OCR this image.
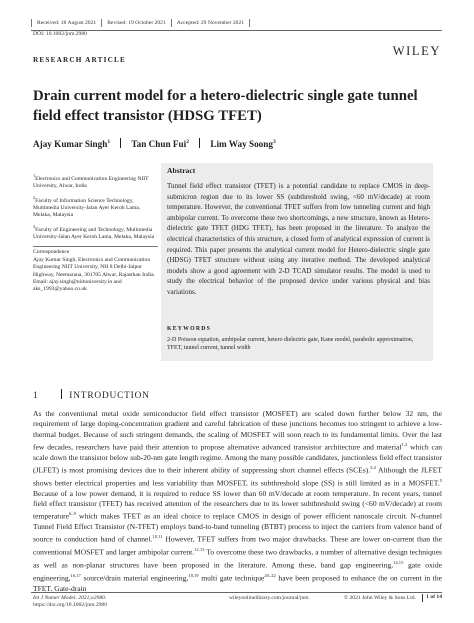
Received: 18 August 2021	Revised: 19 October 2021	Accepted: 29 November 2021
DOI: 10.1002/jnm.2980
RESEARCH ARTICLE
WILEY
Drain current model for a hetero-dielectric single gate tunnel field effect transistor (HDSG TFET)
Ajay Kumar Singh$^1$ Tan Chun Fui$^2$ Lim Way Soong$^3$

$^1$Electronics and Communication Engineering NIIT University, Alwar, India

$^2$Faculty of Information Science Technology, Multimedia University-Jalan Ayer Keroh Lama, Melaka, Malaysia

$^3$Faculty of Engineering and Technology, Multimedia University-Jalan Ayer Keroh Lama, Melaka, Malaysia

Correspondence
Ajay Kumar Singh, Electronics and Communication Engineering NIIT University, NH 8 Delhi-Jaipur Highway, Neemarana, 301705 Alwar, Rajasthan India.
Email: ajay.singh@niituniversity.in and aks_1993@yahoo.co.uk

Abstract
Tunnel field effect transistor (TFET) is a potential candidate to replace CMOS in deep-submicron region due to its lower SS (subthreshold swing, <60 mV/decade) at room temperature. However, the conventional TFET suffers from low tunneling current and high ambipolar current. To overcome these two shortcomings, a new structure, known as Hetero-dielectric gate TFET (HDG TFET), has been proposed in the literature. To analyze the electrical characteristics of this structure, a closed form of analytical expression of current is required. This paper presents the analytical current model for Hetero-dielectric single gate (HDSG) TFET structure without using any iterative method. The developed analytical models show a good agreement with 2-D TCAD simulator results. The model is used to study the electrical behavior of the proposed device under various physical and bias variations.
KEYWORDS
2-D Poisson equation, ambipolar current, hetero dielectric gate, Kane model, parabolic approximation, TFET, tunnel current, tunnel width
1	INTRODUCTION
As the conventional metal oxide semiconductor field effect transistor (MOSFET) are scaled down further below 32 nm, the requirement of large doping-concentration gradient and careful fabrication of these junctions becomes too stringent to achieve a low-thermal budget. Because of such stringent demands, the scaling of MOSFET will soon reach to its fundamental limits. Over the last few decades, researchers have paid their attention to propose alternative advanced transistor architecture and material$^{1,2}$ which can scale down the transistor below sub-20-nm gate length regime. Among the many possible candidates, junctionless field effect transistor (JLFET) is most promising devices due to their inherent ability of suppressing short channel effects (SCEs).$^{3,4}$ Although the JLFET shows better electrical properties and less variability than MOSFET, its subthreshold slope (SS) is still limited as in a MOSFET.$^5$ Because of a low power demand, it is required to reduce SS lower than 60 mV/decade at room temperature. In recent years, tunnel field effect transistor (TFET) has received attention of the researchers due to its lower subthreshold swing (<60 mV/decade) at room temperature$^{6-9}$ which makes TFET as an ideal choice to replace CMOS in design of power efficient nanoscale circuit. N-channel Tunnel Field Effect Transistor (N-TFET) employs band-to-band tunneling (BTBT) process to inject the carriers from valence band of source to conduction band of channel.$^{10,11}$ However, TFET suffers from two major drawbacks. These are lower on-current than the conventional MOSFET and larger ambipolar current.$^{12,13}$ To overcome these two drawbacks, a number of alternative design techniques as well as non-planar structures have been proposed in the literature. Among these, band gap engineering,$^{14,15}$ gate oxide engineering,$^{16,17}$ source/drain material engineering,$^{18,19}$ multi gate technique$^{20-22}$ have been proposed to enhance the on current in the TFET. Gate-drain
Int J Numer Model. 2021;e2980.
https://doi.org/10.1002/jnm.2980
wileyonlinelibrary.com/journal/jnm	© 2021 John Wiley & Sons Ltd. 1 of 14
